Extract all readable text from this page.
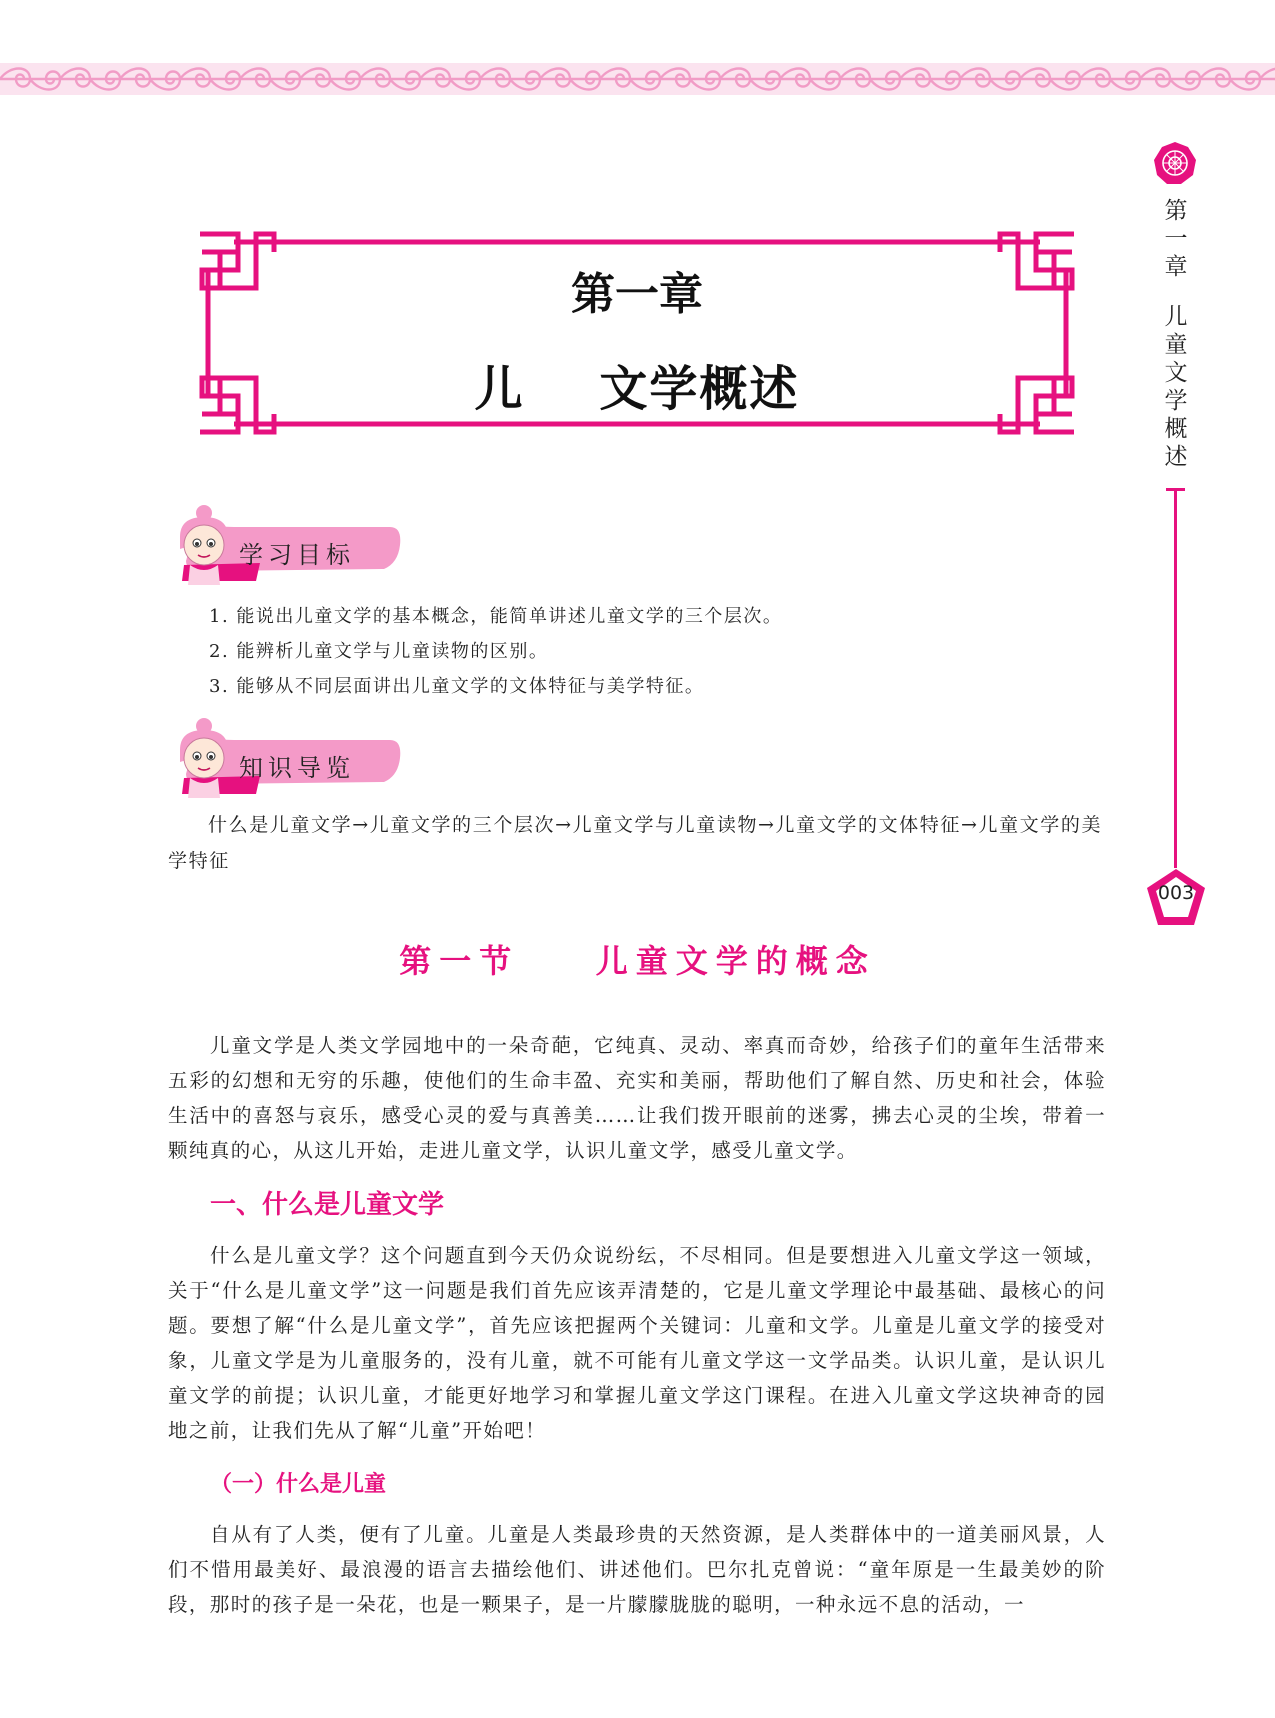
第
一
章
儿
童
文
学
概
述
003
第一章
儿    文学概述
学习目标
1. 能说出儿童文学的基本概念，能简单讲述儿童文学的三个层次。
2. 能辨析儿童文学与儿童读物的区别。
3. 能够从不同层面讲出儿童文学的文体特征与美学特征。
知识导览
什么是儿童文学→儿童文学的三个层次→儿童文学与儿童读物→儿童文学的文体特征→儿童文学的美学特征
第一节    儿童文学的概念
儿童文学是人类文学园地中的一朵奇葩，它纯真、灵动、率真而奇妙，给孩子们的童年生活带来五彩的幻想和无穷的乐趣，使他们的生命丰盈、充实和美丽，帮助他们了解自然、历史和社会，体验生活中的喜怒与哀乐，感受心灵的爱与真善美……让我们拨开眼前的迷雾，拂去心灵的尘埃，带着一颗纯真的心，从这儿开始，走进儿童文学，认识儿童文学，感受儿童文学。
一、什么是儿童文学
什么是儿童文学？这个问题直到今天仍众说纷纭，不尽相同。但是要想进入儿童文学这一领域，关于“什么是儿童文学”这一问题是我们首先应该弄清楚的，它是儿童文学理论中最基础、最核心的问题。要想了解“什么是儿童文学”，首先应该把握两个关键词：儿童和文学。儿童是儿童文学的接受对象，儿童文学是为儿童服务的，没有儿童，就不可能有儿童文学这一文学品类。认识儿童，是认识儿童文学的前提；认识儿童，才能更好地学习和掌握儿童文学这门课程。在进入儿童文学这块神奇的园地之前，让我们先从了解“儿童”开始吧！
（一）什么是儿童
自从有了人类，便有了儿童。儿童是人类最珍贵的天然资源，是人类群体中的一道美丽风景，人们不惜用最美好、最浪漫的语言去描绘他们、讲述他们。巴尔扎克曾说：“童年原是一生最美妙的阶段，那时的孩子是一朵花，也是一颗果子，是一片朦朦胧胧的聪明，一种永远不息的活动，一
